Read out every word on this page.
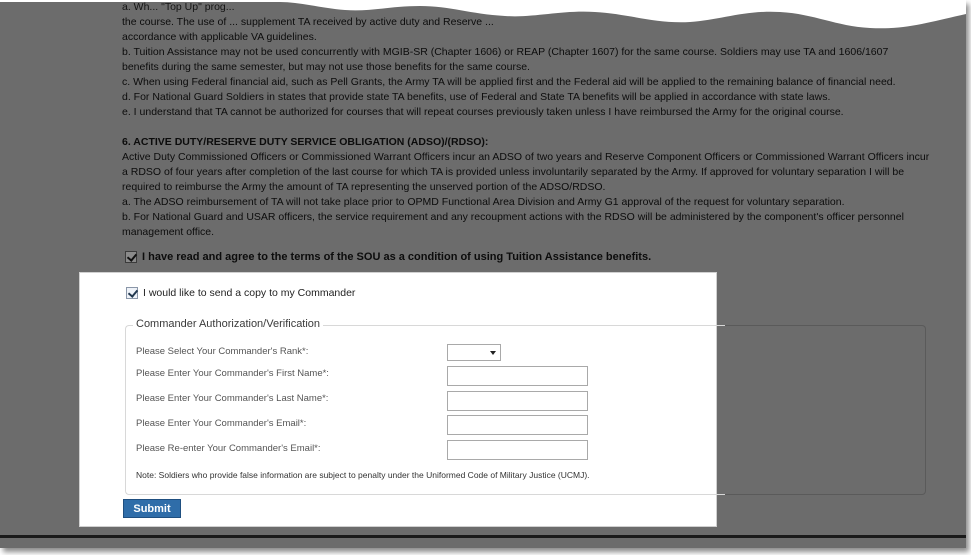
a. Wh... "Top Up" prog...

the course. The use of ... supplement TA received by active duty and Reserve ...

accordance with applicable VA guidelines.

b. Tuition Assistance may not be used concurrently with MGIB-SR (Chapter 1606) or REAP (Chapter 1607) for the same course. Soldiers may use TA and 1606/1607

benefits during the same semester, but may not use those benefits for the same course.

c. When using Federal financial aid, such as Pell Grants, the Army TA will be applied first and the Federal aid will be applied to the remaining balance of financial need.

d. For National Guard Soldiers in states that provide state TA benefits, use of Federal and State TA benefits will be applied in accordance with state laws.

e. I understand that TA cannot be authorized for courses that will repeat courses previously taken unless I have reimbursed the Army for the original course.

6. ACTIVE DUTY/RESERVE DUTY SERVICE OBLIGATION (ADSO)/(RDSO):

Active Duty Commissioned Officers or Commissioned Warrant Officers incur an ADSO of two years and Reserve Component Officers or Commissioned Warrant Officers incur a RDSO of four years after completion of the last course for which TA is provided unless involuntarily separated by the Army. If approved for voluntary separation I will be required to reimburse the Army the amount of TA representing the unserved portion of the ADSO/RDSO.

a. The ADSO reimbursement of TA will not take place prior to OPMD Functional Area Division and Army G1 approval of the request for voluntary separation.

b. For National Guard and USAR officers, the service requirement and any recoupment actions with the RDSO will be administered by the component's officer personnel management office.

I have read and agree to the terms of the SOU as a condition of using Tuition Assistance benefits.
I would like to send a copy to my Commander
Commander Authorization/Verification
Please Select Your Commander's Rank*:
Please Enter Your Commander's First Name*:
Please Enter Your Commander's Last Name*:
Please Enter Your Commander's Email*:
Please Re-enter Your Commander's Email*:
Note: Soldiers who provide false information are subject to penalty under the Uniformed Code of Military Justice (UCMJ).
Submit
